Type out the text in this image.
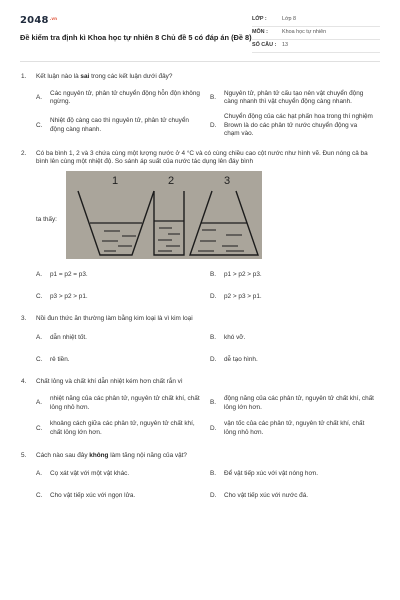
$2048^{.vn}$
Đề kiểm tra định kì Khoa học tự nhiên 8 Chủ đề 5 có đáp án (Đề 8)
LỚP :	Lớp 8
MÔN :	Khoa học tự nhiên
SỐ CÂU :	13
1.	Kết luận nào là sai trong các kết luận dưới đây?
A.
Các nguyên tử, phân tử chuyển động hỗn độn không ngừng.
B.
Nguyên tử, phân tử cấu tạo nên vật chuyển động càng nhanh thì vật chuyển động càng nhanh.
C.
Nhiệt độ càng cao thì nguyên tử, phân tử chuyển động càng nhanh.
D.
Chuyển động của các hạt phấn hoa trong thí nghiệm Brown là do các phân tử nước chuyển động va chạm vào.
2.	Có ba bình 1, 2 và 3 chứa cùng một lượng nước ở 4 °C và có cùng chiều cao cột nước như hình vẽ. Đun nóng cả ba bình lên cùng một nhiệt độ. So sánh áp suất của nước tác dụng lên đáy bình
ta thấy:
1	2	3
A.	p1 = p2 = p3.	B.	p1 > p2 > p3.
C.	p3 > p2 > p1.	D.	p2 > p3 > p1.
3.	Nồi đun thức ăn thường làm bằng kim loại là vì kim loại
A.	dẫn nhiệt tốt.	B.	khó vỡ.
C.	rẻ tiền.	D.	dễ tạo hình.
4.	Chất lỏng và chất khí dẫn nhiệt kém hơn chất rắn vì
A.
nhiệt năng của các phân tử, nguyên tử chất khí, chất lỏng nhỏ hơn.
B.
động năng của các phân tử, nguyên tử chất khí, chất lỏng lớn hơn.
C.
khoảng cách giữa các phân tử, nguyên tử chất khí, chất lỏng lớn hơn.
D.
vận tốc của các phân tử, nguyên tử chất khí, chất lỏng nhỏ hơn.
5.	Cách nào sau đây không làm tăng nội năng của vật?
A.	Cọ xát vật với một vật khác.	B.	Để vật tiếp xúc với vật nóng hơn.
C.	Cho vật tiếp xúc với ngọn lửa.	D.	Cho vật tiếp xúc với nước đá.
